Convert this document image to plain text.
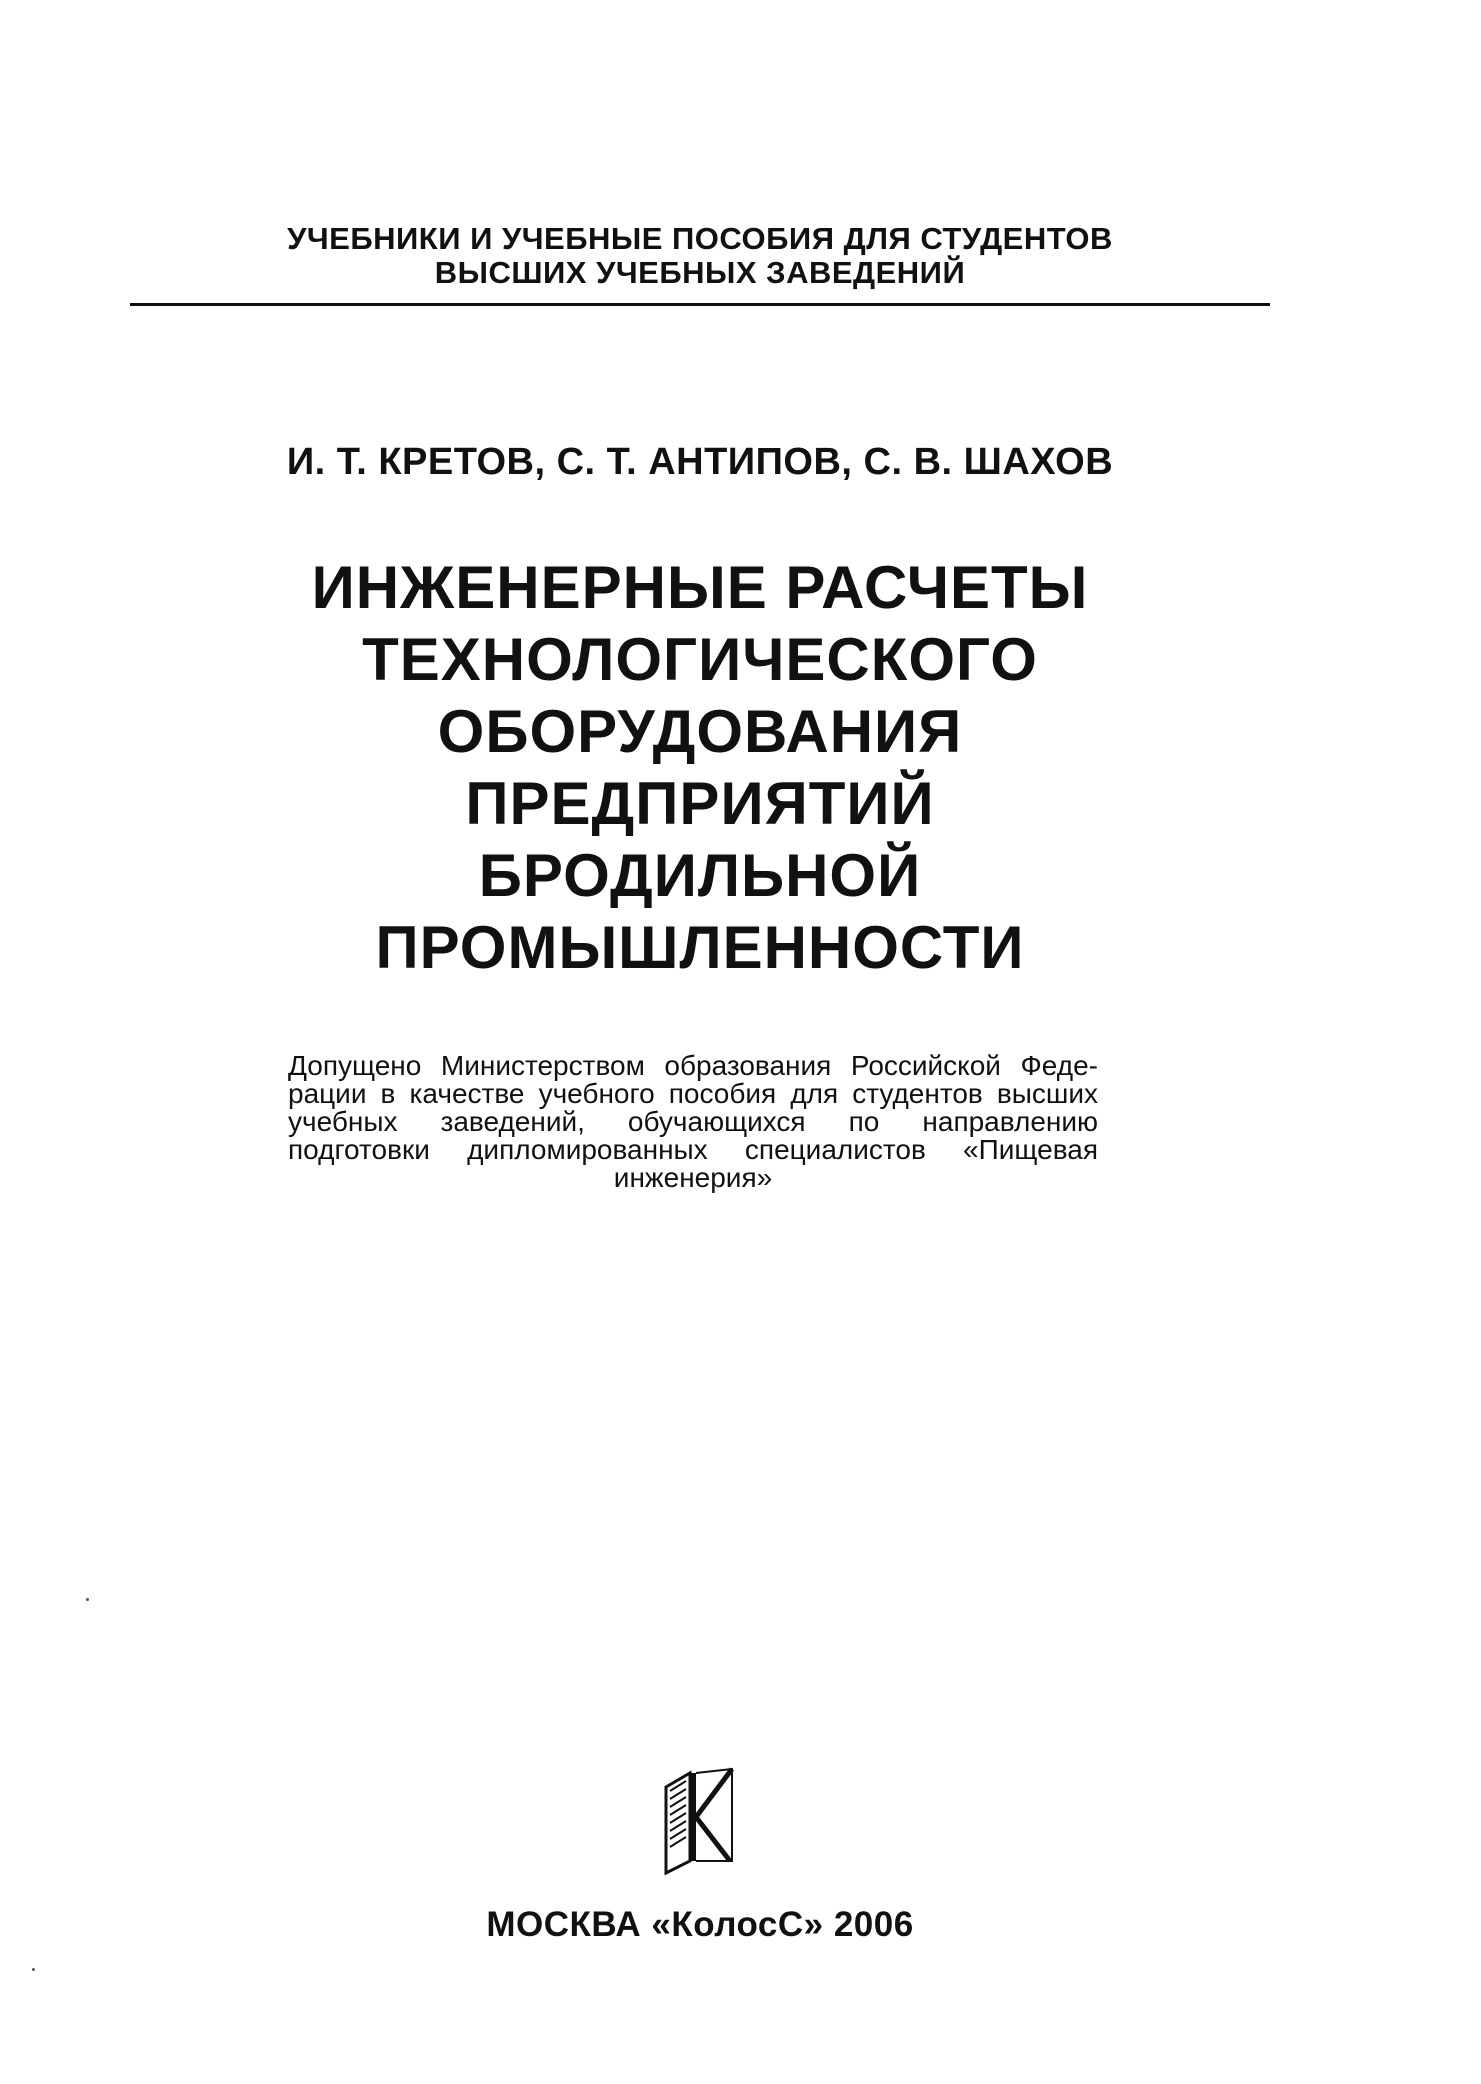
УЧЕБНИКИ И УЧЕБНЫЕ ПОСОБИЯ ДЛЯ СТУДЕНТОВ
ВЫСШИХ УЧЕБНЫХ ЗАВЕДЕНИЙ
И. Т. КРЕТОВ, С. Т. АНТИПОВ, С. В. ШАХОВ
ИНЖЕНЕРНЫЕ РАСЧЕТЫ
ТЕХНОЛОГИЧЕСКОГО
ОБОРУДОВАНИЯ
ПРЕДПРИЯТИЙ
БРОДИЛЬНОЙ
ПРОМЫШЛЕННОСТИ

Допущено Министерством образования Российской Феде-рации в качестве учебного пособия для студентов высших учебных заведений, обучающихся по направлению подготовки дипломированных специалистов «Пищевая инженерия»

МОСКВА «КолосС» 2006
